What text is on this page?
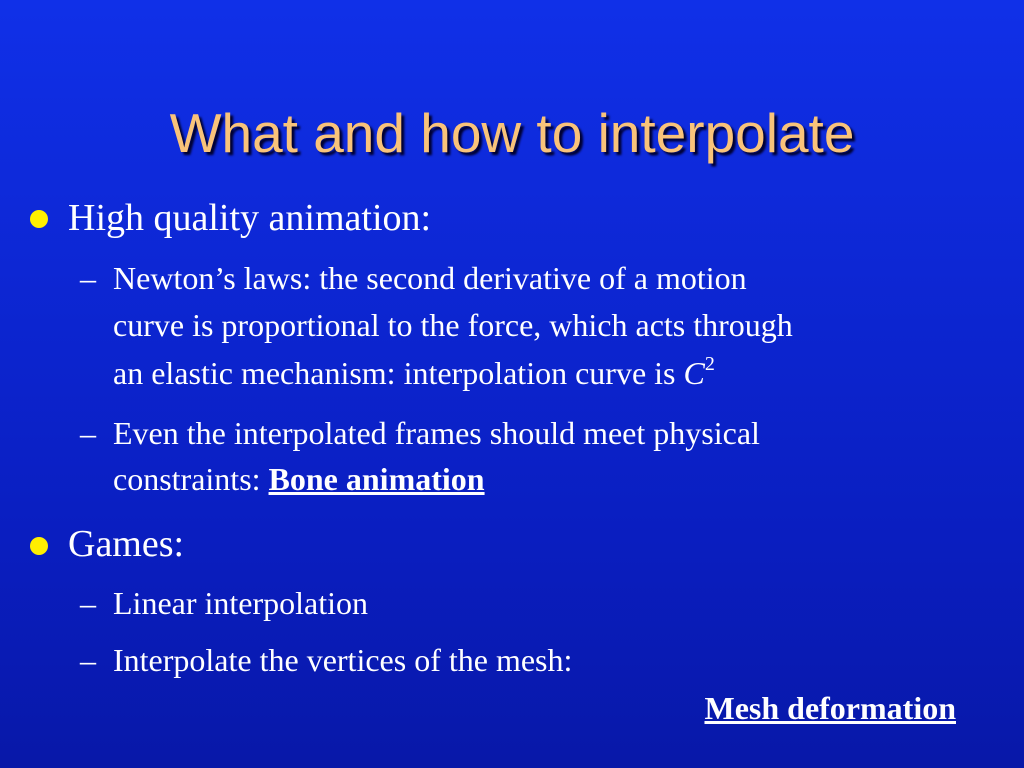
What and how to interpolate
High quality animation:
– Newton’s laws: the second derivative of a motion
curve is proportional to the force, which acts through
an elastic mechanism: interpolation curve is $C^2$
– Even the interpolated frames should meet physical
constraints: Bone animation
Games:
– Linear interpolation
– Interpolate the vertices of the mesh:
Mesh deformation
